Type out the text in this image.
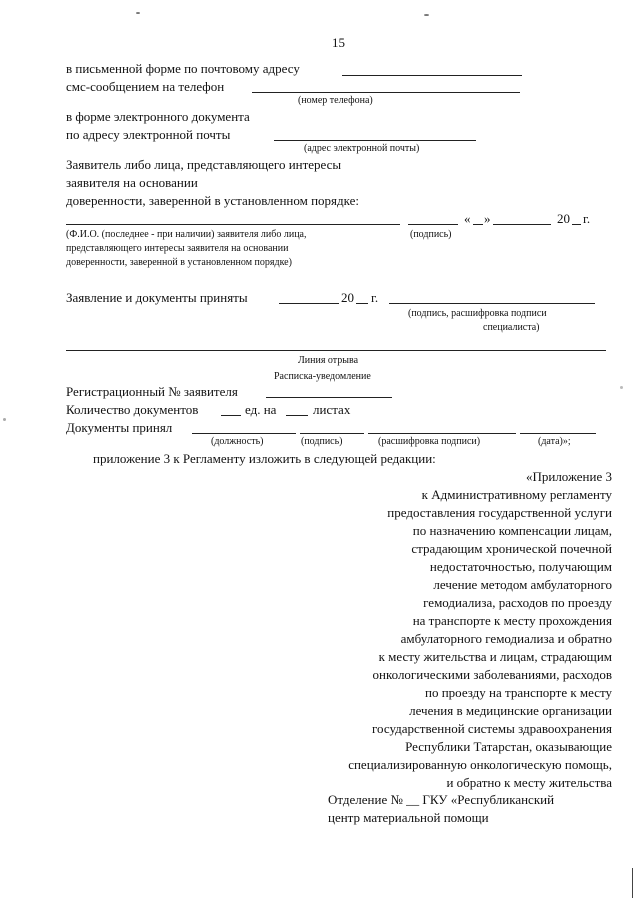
15
в письменной форме по почтовому адресу
смс-сообщением на телефон
(номер телефона)
в форме электронного документа
по адресу электронной почты
(адрес электронной почты)
Заявитель либо лица, представляющего интересы
заявителя на основании
доверенности, заверенной в установленном порядке:
« »	20 г.
(Ф.И.О. (последнее - при наличии) заявителя либо лица,
представляющего интересы заявителя на основании
доверенности, заверенной в установленном порядке)
(подпись)
Заявление и документы приняты	20 г.
(подпись, расшифровка подписи
специалиста)
Линия отрыва
Расписка-уведомление
Регистрационный № заявителя
Количество документов	ед. на	листах
Документы принял
(должность)	(подпись)	(расшифровка подписи)	(дата)»;
приложение 3 к Регламенту изложить в следующей редакции:
«Приложение 3
к Административному регламенту
предоставления государственной услуги
по назначению компенсации лицам,
страдающим хронической почечной
недостаточностью, получающим
лечение методом амбулаторного
гемодиализа, расходов по проезду
на транспорте к месту прохождения
амбулаторного гемодиализа и обратно
к месту жительства и лицам, страдающим
онкологическими заболеваниями, расходов
по проезду на транспорте к месту
лечения в медицинские организации
государственной системы здравоохранения
Республики Татарстан, оказывающие
специализированную онкологическую помощь,
и обратно к месту жительства
Отделение № __ ГКУ «Республиканский
центр материальной помощи
